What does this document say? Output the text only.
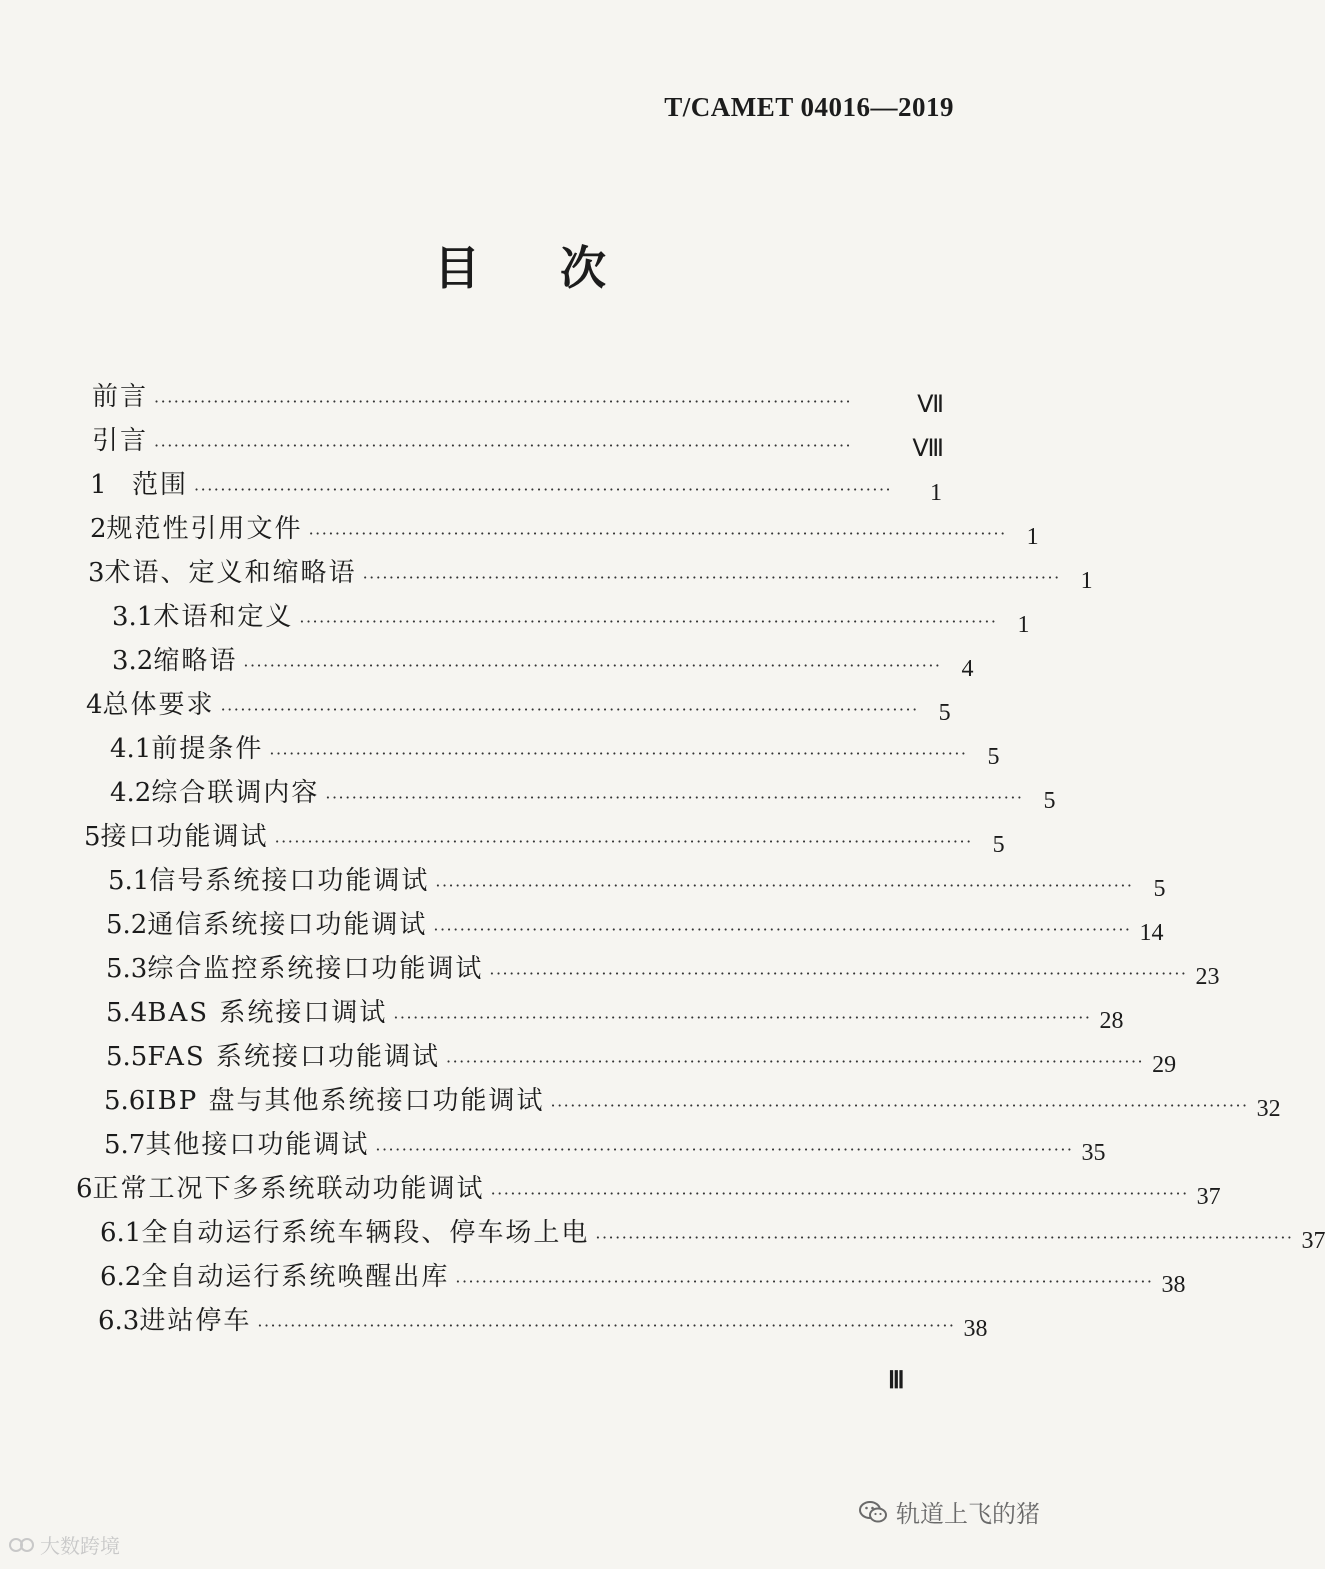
T/CAMET 04016—2019
目次
前言 ··········································································································	Ⅶ
引言 ··········································································································	Ⅷ
1 范围 ··········································································································	1
2 规范性引用文件 ·········································································································· 1
3 术语、定义和缩略语 ·········································································································· 1
3.1 术语和定义 ·········································································································· 1
3.2 缩略语 ·········································································································· 4
4 总体要求 ·········································································································· 5
4.1 前提条件 ·········································································································· 5
4.2 综合联调内容 ·········································································································· 5
5 接口功能调试 ·········································································································· 5
5.1 信号系统接口功能调试 ·········································································································· 5
5.2 通信系统接口功能调试 ·········································································································· 14
5.3 综合监控系统接口功能调试 ·········································································································· 23
5.4 BAS 系统接口调试 ·········································································································· 28
5.5 FAS 系统接口功能调试 ·········································································································· 29
5.6 IBP 盘与其他系统接口功能调试 ·········································································································· 32
5.7 其他接口功能调试 ·········································································································· 35
6 正常工况下多系统联动功能调试 ·········································································································· 37
6.1 全自动运行系统车辆段、停车场上电 ·········································································································· 37
6.2 全自动运行系统唤醒出库 ·········································································································· 38
6.3 进站停车 ·········································································································· 38
Ⅲ
大数跨境
轨道上飞的猪
